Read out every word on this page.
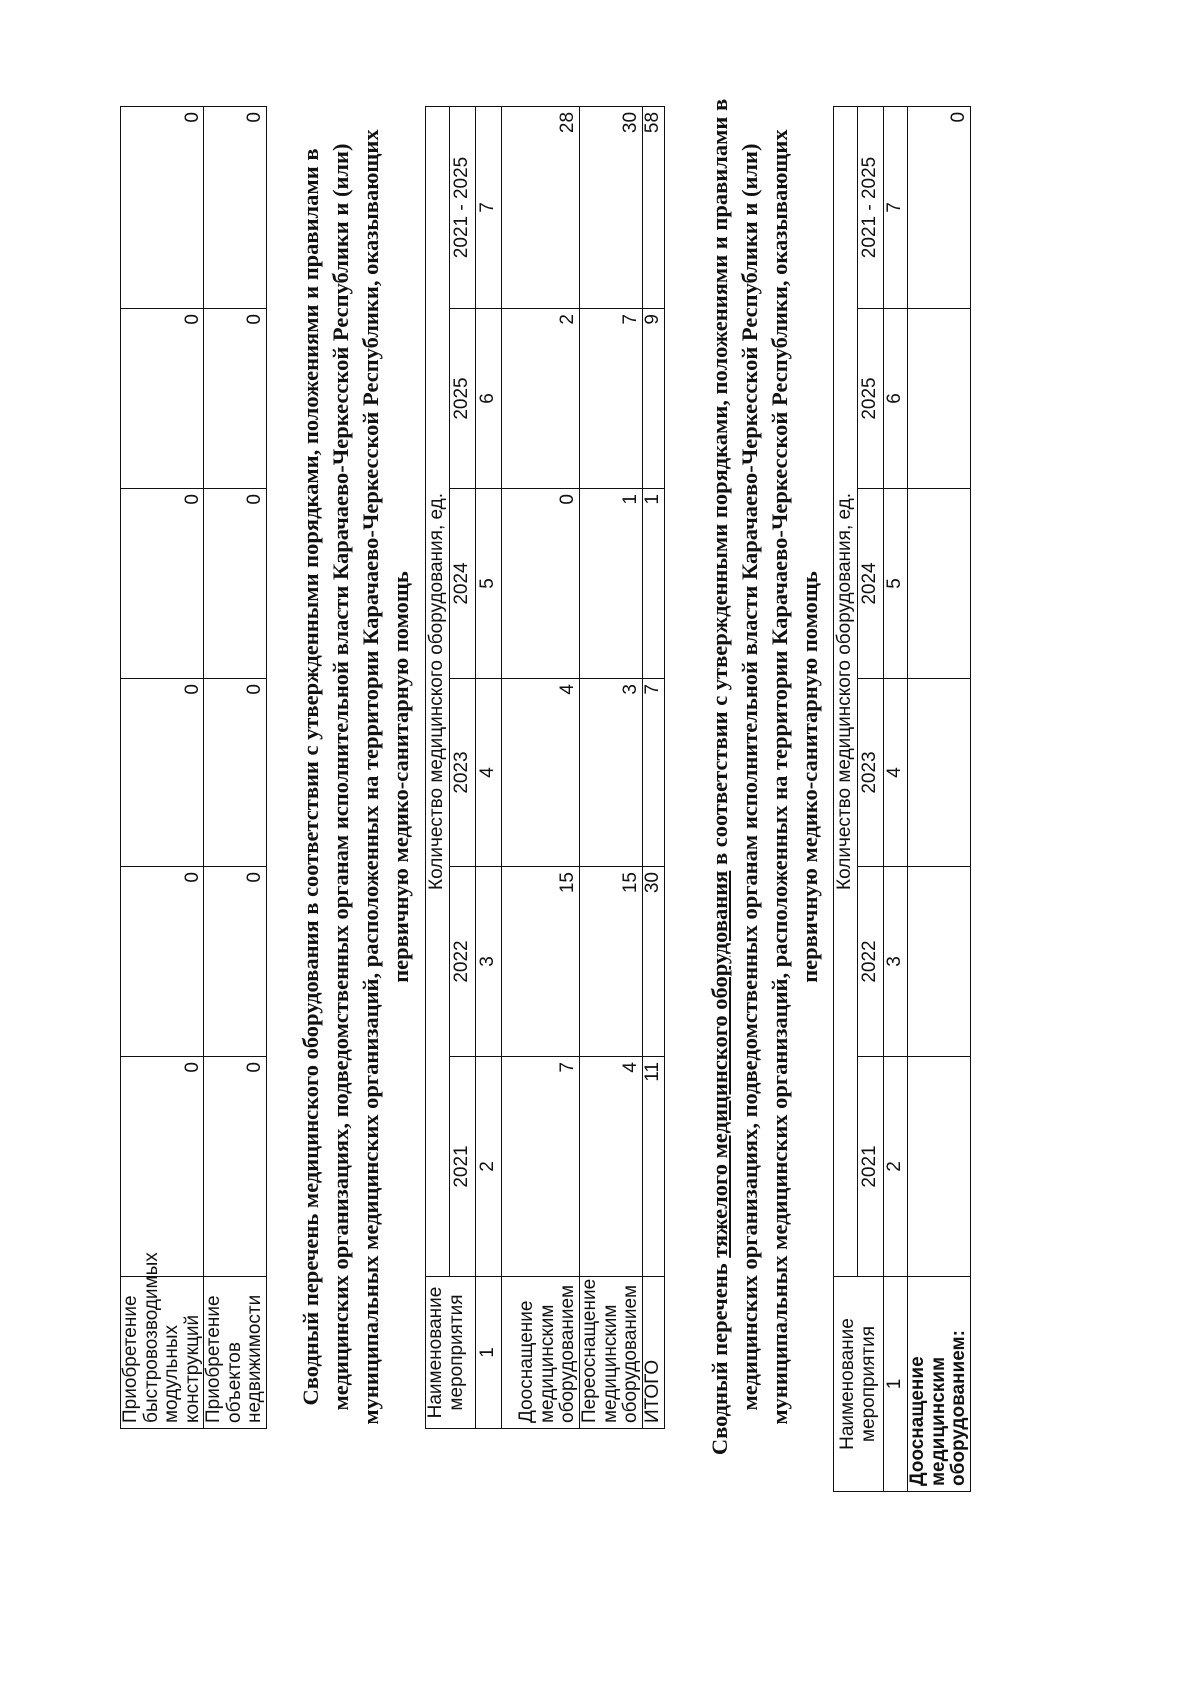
Приобретение быстровозводимых модульных конструкций	0	0	0	0	0	0
Приобретение объектов недвижимости	0	0	0	0	0	0
Сводный перечень медицинского оборудования в соответствии с утвержденными порядками, положениями и правилами в медицинских организациях, подведомственных органам исполнительной власти Карачаево-Черкесской Республики и (или) муниципальных медицинских организаций, расположенных на территории Карачаево-Черкесской Республики, оказывающих первичную медико-санитарную помощь
Наименование мероприятия	Количество медицинского оборудования, ед.					
	2021	2022	2023	2024	2025	2021 - 2025
1	2	3	4	5	6	7
Дооснащение медицинским оборудованием	7	15	4	0	2	28
Переоснащение медицинским оборудованием	4	15	3	1	7	30
ИТОГО	11	30	7	1	9	58
Сводный перечень тяжелого медицинского оборудования в соответствии с утвержденными порядками, положениями и правилами в медицинских организациях, подведомственных органам исполнительной власти Карачаево-Черкесской Республики и (или) муниципальных медицинских организаций, расположенных на территории Карачаево-Черкесской Республики, оказывающих первичную медико-санитарную помощь
Наименование мероприятия	Количество медицинского оборудования, ед.					
	2021	2022	2023	2024	2025	2021 - 2025
1	2	3	4	5	6	7
Дооснащение медицинским оборудованием:						0
